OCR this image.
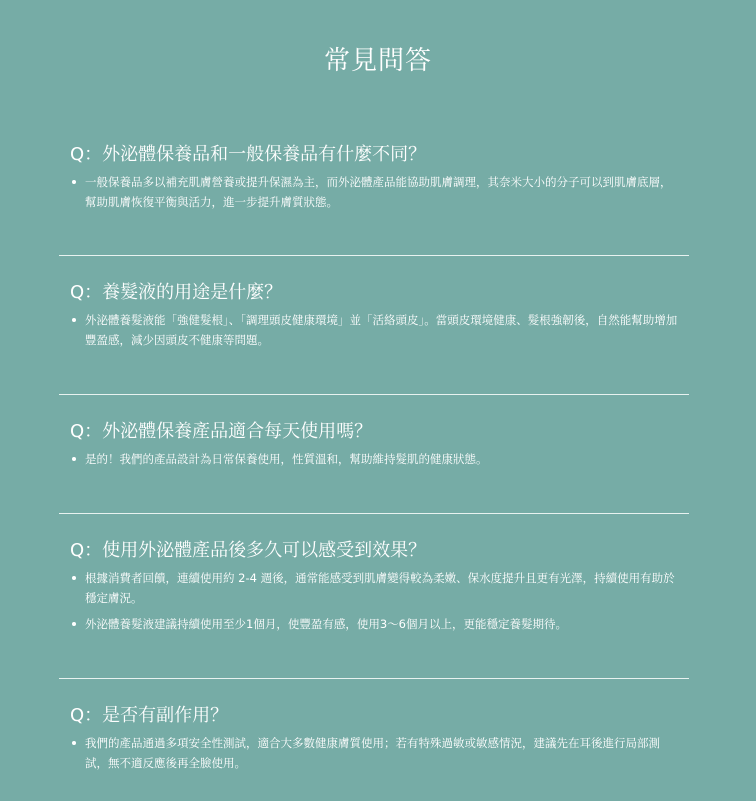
常見問答
Q：外泌體保養品和一般保養品有什麼不同？
一般保養品多以補充肌膚營養或提升保濕為主，而外泌體產品能協助肌膚調理，其奈米大小的分子可以到肌膚底層，幫助肌膚恢復平衡與活力，進一步提升膚質狀態。
Q：養髮液的用途是什麼？
外泌體養髮液能「強健髮根」、「調理頭皮健康環境」並「活絡頭皮」。當頭皮環境健康、髮根強韌後，自然能幫助增加豐盈感，減少因頭皮不健康等問題。
Q：外泌體保養產品適合每天使用嗎？
是的！我們的產品設計為日常保養使用，性質溫和，幫助維持髮肌的健康狀態。
Q：使用外泌體產品後多久可以感受到效果？
根據消費者回饋，連續使用約 2-4 週後，通常能感受到肌膚變得較為柔嫩、保水度提升且更有光澤，持續使用有助於穩定膚況。
外泌體養髮液建議持續使用至少1個月，使豐盈有感，使用3～6個月以上，更能穩定養髮期待。
Q：是否有副作用？
我們的產品通過多項安全性測試，適合大多數健康膚質使用；若有特殊過敏或敏感情況，建議先在耳後進行局部測試，無不適反應後再全臉使用。
